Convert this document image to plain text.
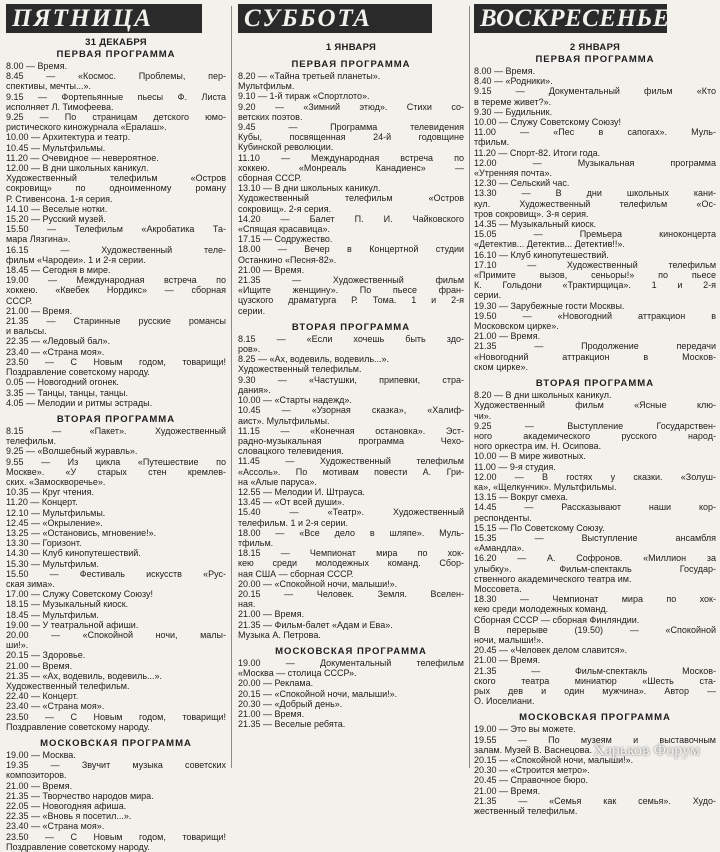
ПЯТНИЦА
31 ДЕКАБРЯ
ПЕРВАЯ ПРОГРАММА
8.00 — Время.
8.45 — «Космос. Проблемы, пер-
спективы, мечты...».
9.15 — Фортепьянные пьесы Ф. Листа
исполняет Л. Тимофеева.
9.25 — По страницам детского юмо-
ристического киножурнала «Ералаш».
10.00 — Архитектура и театр.
10.45 — Мультфильмы.
11.20 — Очевидное — невероятное.
12.00 — В дни школьных каникул.
Художественный телефильм «Остров
сокровищ» по одноименному роману
Р. Стивенсона. 1-я серия.
14.10 — Веселые нотки.
15.20 — Русский музей.
15.50 — Телефильм «Акробатика Та-
мара Лязгина».
16.15 — Художественный теле-
фильм «Чародеи». 1 и 2-я серии.
18.45 — Сегодня в мире.
19.00 — Международная встреча по
хоккею. «Квебек Нордикс» — сборная
СССР.
21.00 — Время.
21.35 — Старинные русские романсы
и вальсы.
22.35 — «Ледовый бал».
23.40 — «Страна моя».
23.50 — С Новым годом, товарищи!
Поздравление советскому народу.
0.05 — Новогодний огонек.
3.35 — Танцы, танцы, танцы.
4.05 — Мелодии и ритмы эстрады.
ВТОРАЯ ПРОГРАММА
8.15 — «Пакет». Художественный
телефильм.
9.25 — «Волшебный журавль».
9.55 — Из цикла «Путешествие по
Москве». «У старых стен кремлев-
ских. «Замоскворечье».
10.35 — Круг чтения.
11.20 — Концерт.
12.10 — Мультфильмы.
12.45 — «Окрыление».
13.25 — «Остановись, мгновение!».
13.30 — Горизонт.
14.30 — Клуб кинопутешествий.
15.30 — Мультфильм.
15.50 — Фестиваль искусств «Рус-
ская зима».
17.00 — Служу Советскому Союзу!
18.15 — Музыкальный киоск.
18.45 — Мультфильм.
19.00 — У театральной афиши.
20.00 — «Спокойной ночи, малы-
ши!».
20.15 — Здоровье.
21.00 — Время.
21.35 — «Ах, водевиль, водевиль...».
Художественный телефильм.
22.40 — Концерт.
23.40 — «Страна моя».
23.50 — С Новым годом, товарищи!
Поздравление советскому народу.
МОСКОВСКАЯ ПРОГРАММА
19.00 — Москва.
19.35 — Звучит музыка советских
композиторов.
21.00 — Время.
21.35 — Творчество народов мира.
22.05 — Новогодняя афиша.
22.35 — «Вновь я посетил...».
23.40 — «Страна моя».
23.50 — С Новым годом, товарищи!
Поздравление советскому народу.
СУББОТА
1 ЯНВАРЯ
ПЕРВАЯ ПРОГРАММА
8.20 — «Тайна третьей планеты».
Мультфильм.
9.10 — 1-й тираж «Спортлото».
9.20 — «Зимний этюд». Стихи со-
ветских поэтов.
9.45 — Программа телевидения
Кубы, посвященная 24-й годовщине
Кубинской революции.
11.10 — Международная встреча по
хоккею. «Монреаль Канадиенс» —
сборная СССР.
13.10 — В дни школьных каникул.
Художественный телефильм «Остров
сокровищ». 2-я серия.
14.20 — Балет П. И. Чайковского
«Спящая красавица».
17.15 — Содружество.
18.00 — Вечер в Концертной студии
Останкино «Песня-82».
21.00 — Время.
21.35 — Художественный фильм
«Ищите женщину». По пьесе фран-
цузского драматурга Р. Тома. 1 и 2-я
серии.
ВТОРАЯ ПРОГРАММА
8.15 — «Если хочешь быть здо-
ров».
8.25 — «Ах, водевиль, водевиль...».
Художественный телефильм.
9.30 — «Частушки, припевки, стра-
дания».
10.00 — «Старты надежд».
10.45 — «Узорная сказка», «Халиф-
аист». Мультфильмы.
11.15 — «Конечная остановка». Эст-
радно-музыкальная программа Чехо-
словацкого телевидения.
11.45 — Художественный телефильм
«Ассоль». По мотивам повести А. Гри-
на «Алые паруса».
12.55 — Мелодии И. Штрауса.
13.45 — «От всей души».
15.40 — «Театр». Художественный
телефильм. 1 и 2-я серии.
18.00 — «Все дело в шляпе». Муль-
тфильм.
18.15 — Чемпионат мира по хок-
кею среди молодежных команд. Сбор-
ная США — сборная СССР.
20.00 — «Спокойной ночи, малыши!».
20.15 — Человек. Земля. Вселен-
ная.
21.00 — Время.
21.35 — Фильм-балет «Адам и Ева».
Музыка А. Петрова.
МОСКОВСКАЯ ПРОГРАММА
19.00 — Документальный телефильм
«Москва — столица СССР».
20.00 — Реклама.
20.15 — «Спокойной ночи, малыши!».
20.30 — «Добрый день».
21.00 — Время.
21.35 — Веселые ребята.
ВОСКРЕСЕНЬЕ
2 ЯНВАРЯ
ПЕРВАЯ ПРОГРАММА
8.00 — Время.
8.40 — «Родники».
9.15 — Документальный фильм «Кто
в тереме живет?».
9.30 — Будильник.
10.00 — Служу Советскому Союзу!
11.00 — «Пес в сапогах». Муль-
тфильм.
11.20 — Спорт-82. Итоги года.
12.00 — Музыкальная программа
«Утренняя почта».
12.30 — Сельский час.
13.30 — В дни школьных кани-
кул. Художественный телефильм «Ос-
тров сокровищ». 3-я серия.
14.35 — Музыкальный киоск.
15.05 — Премьера киноконцерта
«Детектив... Детектив... Детектив!!».
16.10 — Клуб кинопутешествий.
17.10 — Художественный телефильм
«Примите вызов, сеньоры!» по пьесе
К. Гольдони «Трактирщица». 1 и 2-я
серии.
19.30 — Зарубежные гости Москвы.
19.50 — «Новогодний аттракцион в
Московском цирке».
21.00 — Время.
21.35 — Продолжение передачи
«Новогодний аттракцион в Москов-
ском цирке».
ВТОРАЯ ПРОГРАММА
8.20 — В дни школьных каникул.
Художественный фильм «Ясные клю-
чи».
9.25 — Выступление Государствен-
ного академического русского народ-
ного оркестра им. Н. Осипова.
10.00 — В мире животных.
11.00 — 9-я студия.
12.00 — В гостях у сказки. «Золуш-
ка», «Щелкунчик». Мультфильмы.
13.15 — Вокруг смеха.
14.45 — Рассказывают наши кор-
респонденты.
15.15 — По Советскому Союзу.
15.35 — Выступление ансамбля
«Амандла».
16.20 — А. Софронов. «Миллион за
улыбку». Фильм-спектакль Государ-
ственного академического театра им.
Моссовета.
18.30 — Чемпионат мира по хок-
кею среди молодежных команд.
Сборная СССР — сборная Финляндии.
В перерыве (19.50) — «Спокойной
ночи, малыши!».
20.45 — «Человек делом славится».
21.00 — Время.
21.35 — Фильм-спектакль Москов-
ского театра миниатюр «Шесть ста-
рых дев и один мужчина». Автор —
О. Иоселиани.
МОСКОВСКАЯ ПРОГРАММА
19.00 — Это вы можете.
19.55 — По музеям и выставочным
залам. Музей В. Васнецова.
20.15 — «Спокойной ночи, малыши!».
20.30 — «Строится метро».
20.45 — Справочное бюро.
21.00 — Время.
21.35 — «Семья как семья». Худо-
жественный телефильм.
Харьков Форум
